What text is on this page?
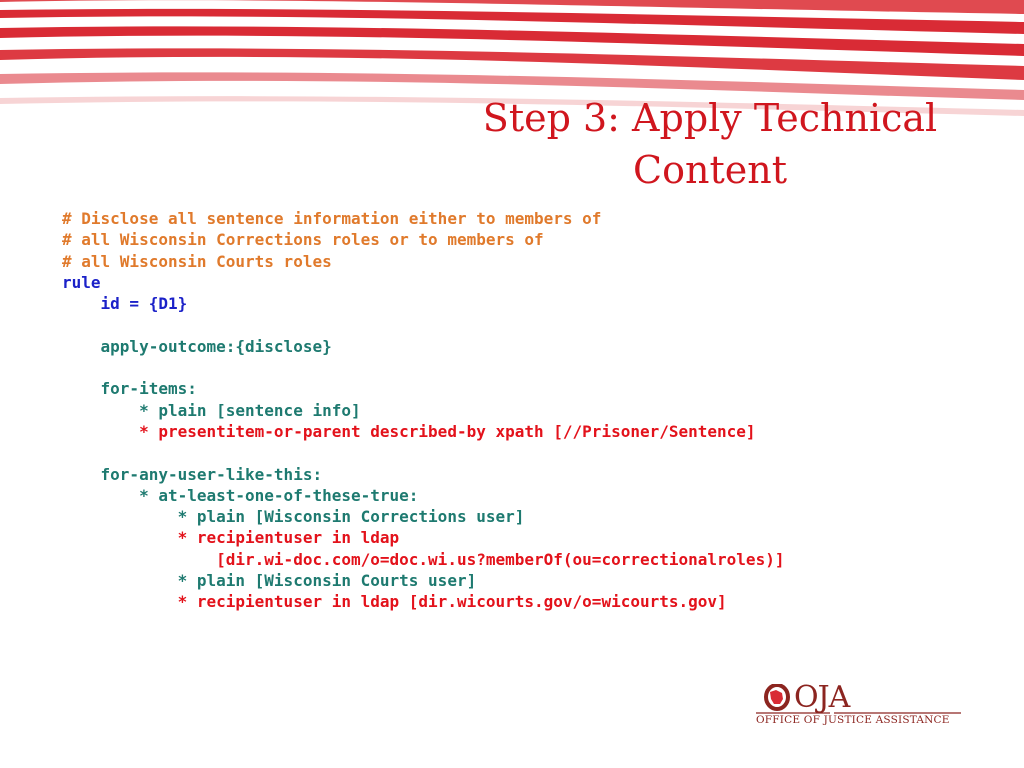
Step 3: Apply Technical
Content
# Disclose all sentence information either to members of
# all Wisconsin Corrections roles or to members of
# all Wisconsin Courts roles
rule
id = {D1}
apply-outcome:{disclose}
for-items:
* plain [sentence info]
* presentitem-or-parent described-by xpath [//Prisoner/Sentence]
for-any-user-like-this:
* at-least-one-of-these-true:
* plain [Wisconsin Corrections user]
* recipientuser in ldap
[dir.wi-doc.com/o=doc.wi.us?memberOf(ou=correctionalroles)]
* plain [Wisconsin Courts user]
* recipientuser in ldap [dir.wicourts.gov/o=wicourts.gov]
OJA
OFFICE OF JUSTICE ASSISTANCE
